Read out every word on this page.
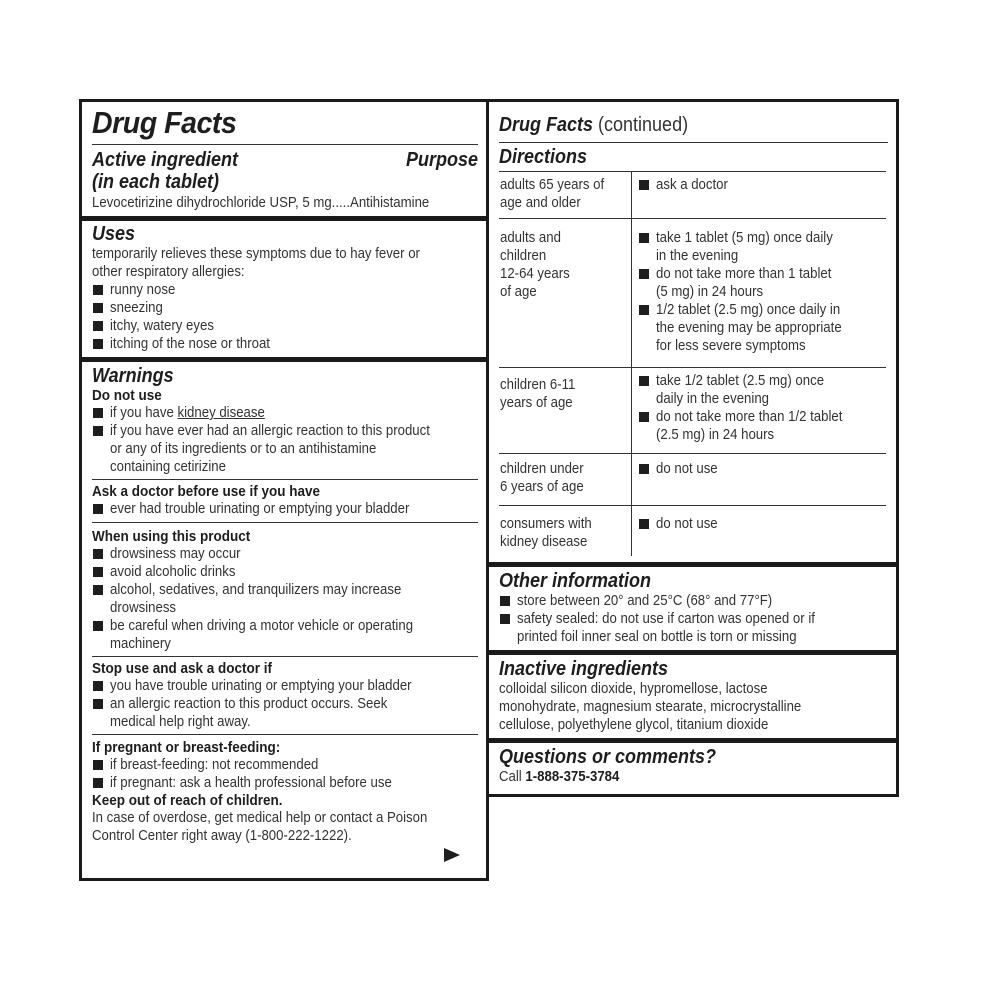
Drug Facts
Active ingredient	Purpose
(in each tablet)
Levocetirizine dihydrochloride USP, 5 mg.....Antihistamine
Uses
temporarily relieves these symptoms due to hay fever or
other respiratory allergies:
runny nose
sneezing
itchy, watery eyes
itching of the nose or throat
Warnings
Do not use
if you have kidney disease
if you have ever had an allergic reaction to this product
or any of its ingredients or to an antihistamine
containing cetirizine
Ask a doctor before use if you have
ever had trouble urinating or emptying your bladder
When using this product
drowsiness may occur
avoid alcoholic drinks
alcohol, sedatives, and tranquilizers may increase
drowsiness
be careful when driving a motor vehicle or operating
machinery
Stop use and ask a doctor if
you have trouble urinating or emptying your bladder
an allergic reaction to this product occurs. Seek
medical help right away.
If pregnant or breast-feeding:
if breast-feeding: not recommended
if pregnant: ask a health professional before use
Keep out of reach of children.
In case of overdose, get medical help or contact a Poison
Control Center right away (1-800-222-1222).
Drug Facts (continued)
Directions
adults 65 years of
age and older
ask a doctor
adults and
children
12-64 years
of age
take 1 tablet (5 mg) once daily
in the evening
do not take more than 1 tablet
(5 mg) in 24 hours
1/2 tablet (2.5 mg) once daily in
the evening may be appropriate
for less severe symptoms
children 6-11
years of age
take 1/2 tablet (2.5 mg) once
daily in the evening
do not take more than 1/2 tablet
(2.5 mg) in 24 hours
children under
6 years of age
do not use
consumers with
kidney disease
do not use
Other information
store between 20° and 25°C (68° and 77°F)
safety sealed: do not use if carton was opened or if
printed foil inner seal on bottle is torn or missing
Inactive ingredients
colloidal silicon dioxide, hypromellose, lactose
monohydrate, magnesium stearate, microcrystalline
cellulose, polyethylene glycol, titanium dioxide
Questions or comments?
Call 1-888-375-3784
